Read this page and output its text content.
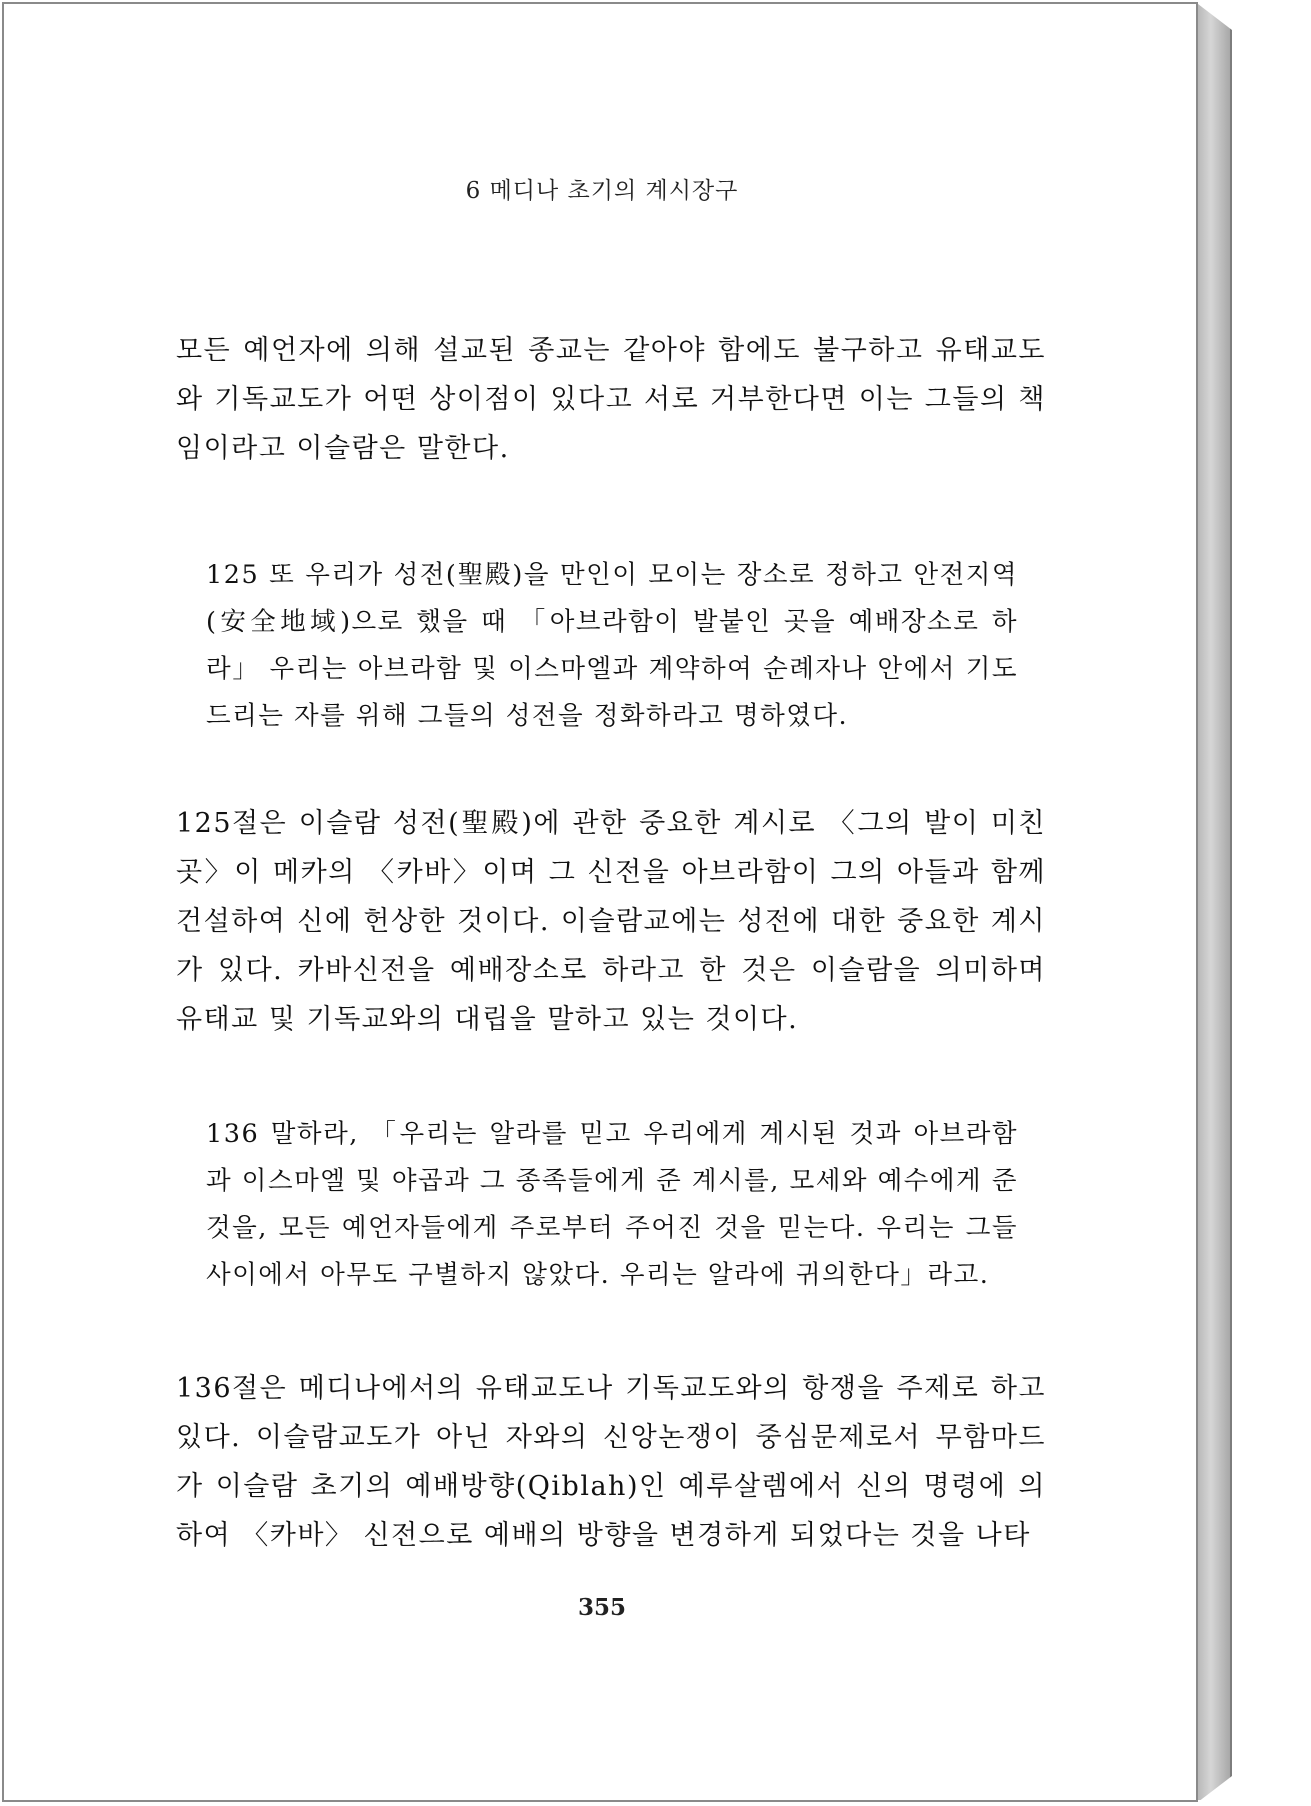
6 메디나 초기의 계시장구

모든 예언자에 의해 설교된 종교는 같아야 함에도 불구하고 유태교도와 기독교도가 어떤 상이점이 있다고 서로 거부한다면 이는 그들의 책임이라고 이슬람은 말한다.

125 또 우리가 성전(聖殿)을 만인이 모이는 장소로 정하고 안전지역(安全地域)으로 했을 때 「아브라함이 발붙인 곳을 예배장소로 하라」 우리는 아브라함 및 이스마엘과 계약하여 순례자나 안에서 기도드리는 자를 위해 그들의 성전을 정화하라고 명하였다.

125절은 이슬람 성전(聖殿)에 관한 중요한 계시로 〈그의 발이 미친 곳〉이 메카의 〈카바〉이며 그 신전을 아브라함이 그의 아들과 함께 건설하여 신에 헌상한 것이다. 이슬람교에는 성전에 대한 중요한 계시가 있다. 카바신전을 예배장소로 하라고 한 것은 이슬람을 의미하며 유태교 및 기독교와의 대립을 말하고 있는 것이다.

136 말하라, 「우리는 알라를 믿고 우리에게 계시된 것과 아브라함과 이스마엘 및 야곱과 그 종족들에게 준 계시를, 모세와 예수에게 준 것을, 모든 예언자들에게 주로부터 주어진 것을 믿는다. 우리는 그들 사이에서 아무도 구별하지 않았다. 우리는 알라에 귀의한다」라고.

136절은 메디나에서의 유태교도나 기독교도와의 항쟁을 주제로 하고 있다. 이슬람교도가 아닌 자와의 신앙논쟁이 중심문제로서 무함마드가 이슬람 초기의 예배방향(Qiblah)인 예루살렘에서 신의 명령에 의하여 〈카바〉 신전으로 예배의 방향을 변경하게 되었다는 것을 나타

355
